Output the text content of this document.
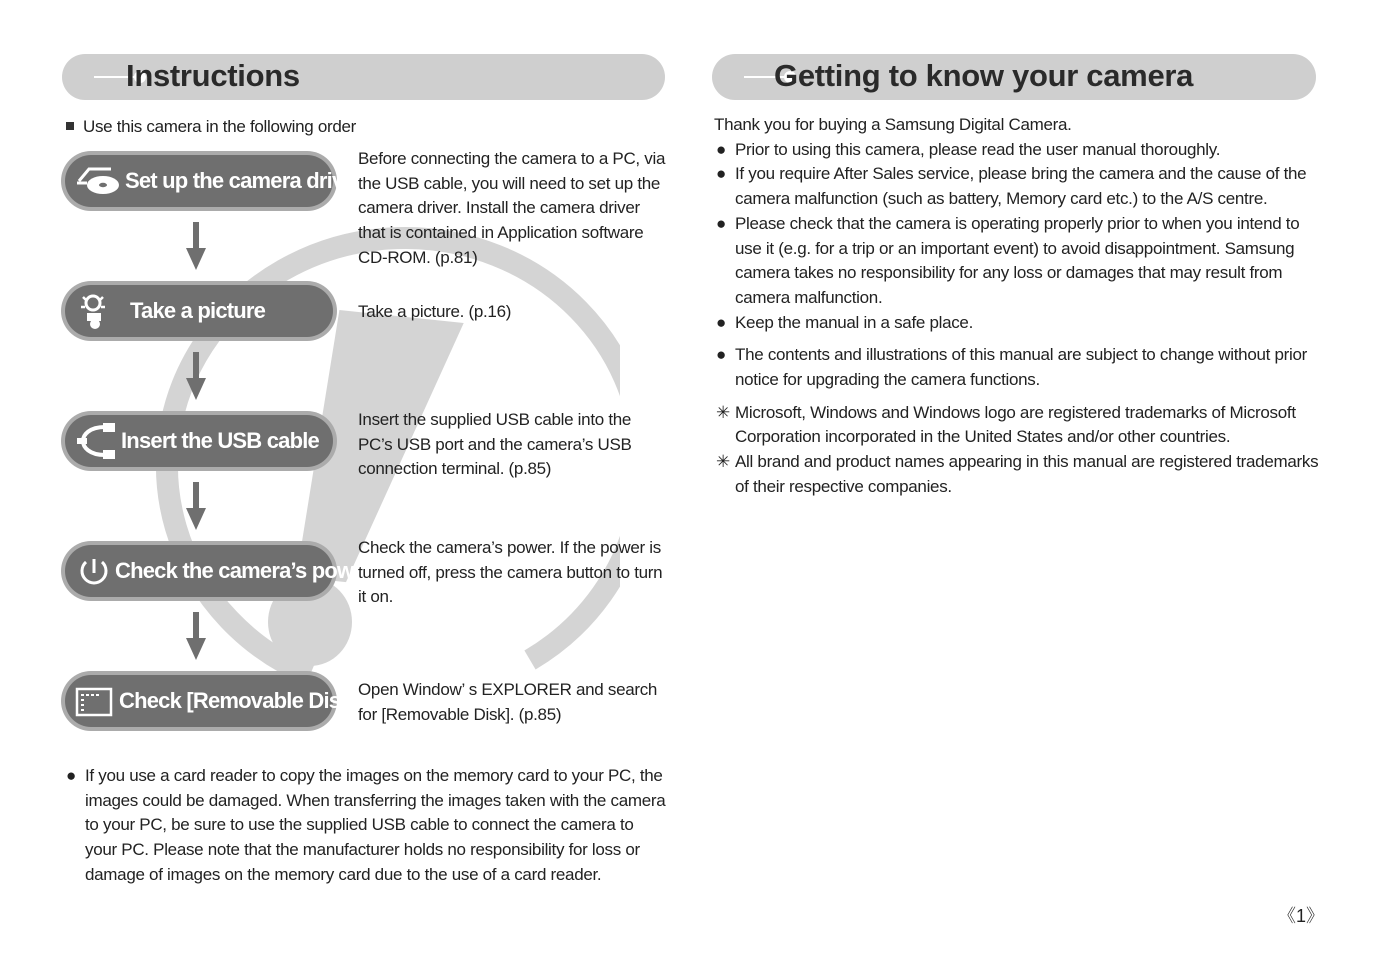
Instructions	Getting to know your camera
Use this camera in the following order
Set up the camera driver
Take a picture
Insert the USB cable
Check the camera’s power
Check [Removable Disk]
Before connecting the camera to a PC, via
the USB cable, you will need to set up the
camera driver. Install the camera driver
that is contained in Application software
CD-ROM. (p.81)
Take a picture. (p.16)
Insert the supplied USB cable into the
PC’s USB port and the camera’s USB
connection terminal. (p.85)
Check the camera’s power. If the power is
turned off, press the camera button to turn
it on.
Open Window’ s EXPLORER and search
for [Removable Disk]. (p.85)
● If you use a card reader to copy the images on the memory card to your PC, the
images could be damaged. When transferring the images taken with the camera
to your PC, be sure to use the supplied USB cable to connect the camera to
your PC. Please note that the manufacturer holds no responsibility for loss or
damage of images on the memory card due to the use of a card reader.
Thank you for buying a Samsung Digital Camera.
● Prior to using this camera, please read the user manual thoroughly.
● If you require After Sales service, please bring the camera and the cause of the
camera malfunction (such as battery, Memory card etc.) to the A/S centre.
● Please check that the camera is operating properly prior to when you intend to
use it (e.g. for a trip or an important event) to avoid disappointment. Samsung
camera takes no responsibility for any loss or damages that may result from
camera malfunction.
● Keep the manual in a safe place.
● The contents and illustrations of this manual are subject to change without prior
notice for upgrading the camera functions.
✳ Microsoft, Windows and Windows logo are registered trademarks of Microsoft
Corporation incorporated in the United States and/or other countries.
✳ All brand and product names appearing in this manual are registered trademarks
of their respective companies.
《1》
